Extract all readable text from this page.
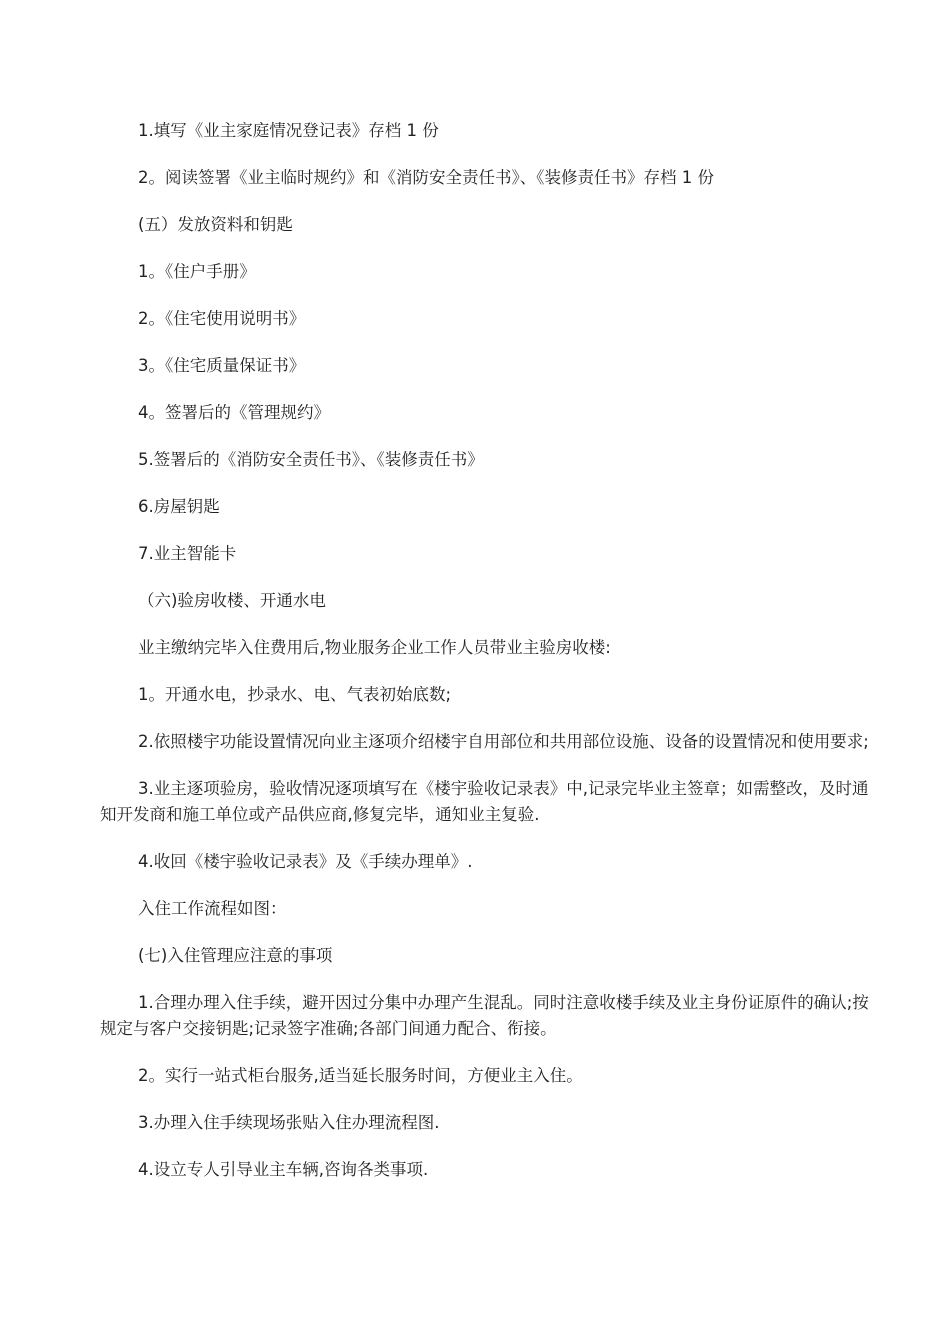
1.填写《业主家庭情况登记表》存档 1 份

2。阅读签署《业主临时规约》和《消防安全责任书》、《装修责任书》存档 1 份

(五）发放资料和钥匙

1。《住户手册》

2。《住宅使用说明书》

3。《住宅质量保证书》

4。签署后的《管理规约》

5.签署后的《消防安全责任书》、《装修责任书》

6.房屋钥匙

7.业主智能卡

（六)验房收楼、开通水电

业主缴纳完毕入住费用后,物业服务企业工作人员带业主验房收楼:

1。开通水电，抄录水、电、气表初始底数;

2.依照楼宇功能设置情况向业主逐项介绍楼宇自用部位和共用部位设施、设备的设置情况和使用要求;

3.业主逐项验房，验收情况逐项填写在《楼宇验收记录表》中,记录完毕业主签章；如需整改，及时通知开发商和施工单位或产品供应商,修复完毕，通知业主复验.

4.收回《楼宇验收记录表》及《手续办理单》.

入住工作流程如图：

(七)入住管理应注意的事项

1.合理办理入住手续，避开因过分集中办理产生混乱。同时注意收楼手续及业主身份证原件的确认;按规定与客户交接钥匙;记录签字准确;各部门间通力配合、衔接。

2。实行一站式柜台服务,适当延长服务时间，方便业主入住。

3.办理入住手续现场张贴入住办理流程图.

4.设立专人引导业主车辆,咨询各类事项.
